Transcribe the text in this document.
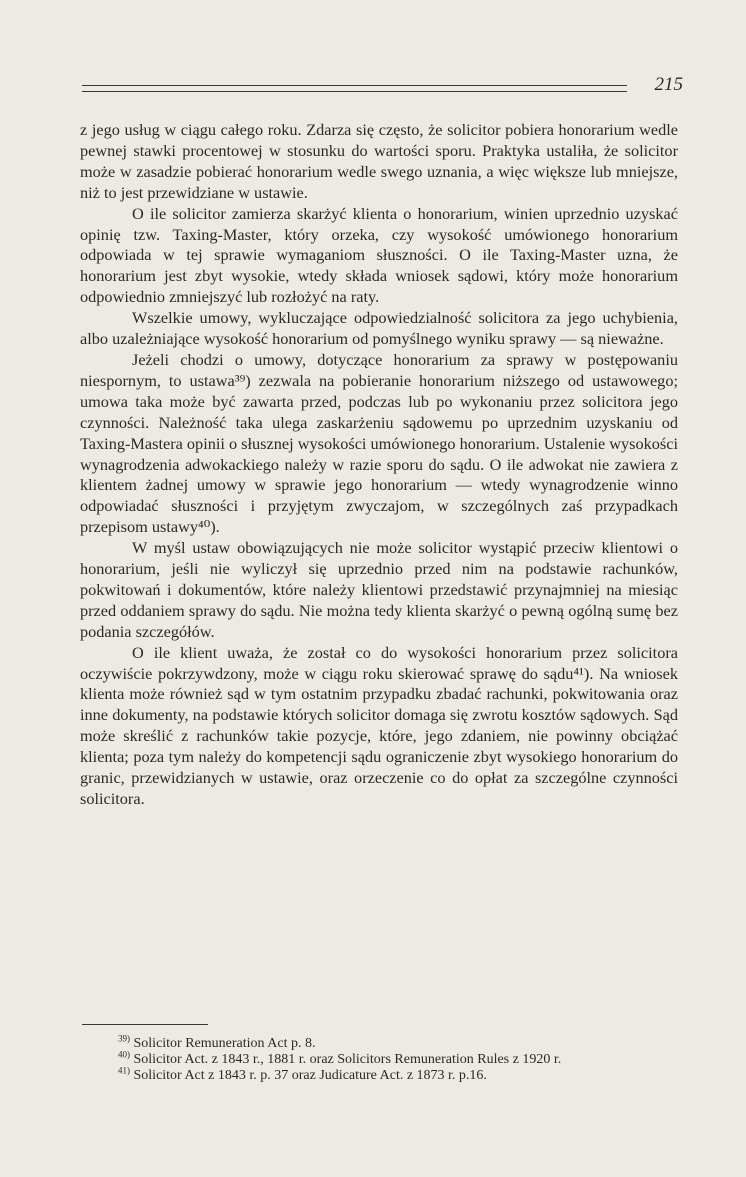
215

z jego usług w ciągu całego roku. Zdarza się często, że solicitor pobiera honorarium wedle pewnej stawki procentowej w stosunku do wartości sporu. Praktyka ustaliła, że solicitor może w zasadzie pobierać honorarium wedle swego uznania, a więc większe lub mniejsze, niż to jest przewidziane w ustawie.

O ile solicitor zamierza skarżyć klienta o honorarium, winien uprzednio uzyskać opinię tzw. Taxing-Master, który orzeka, czy wysokość umówionego honorarium odpowiada w tej sprawie wymaganiom słuszności. O ile Taxing-Master uzna, że honorarium jest zbyt wysokie, wtedy składa wniosek sądowi, który może honorarium odpowiednio zmniejszyć lub rozłożyć na raty.

Wszelkie umowy, wykluczające odpowiedzialność solicitora za jego uchybienia, albo uzależniające wysokość honorarium od pomyślnego wyniku sprawy — są nieważne.

Jeżeli chodzi o umowy, dotyczące honorarium za sprawy w postępowaniu niespornym, to ustawa³⁹) zezwala na pobieranie honorarium niższego od ustawowego; umowa taka może być zawarta przed, podczas lub po wykonaniu przez solicitora jego czynności. Należność taka ulega zaskarżeniu sądowemu po uprzednim uzyskaniu od Taxing-Mastera opinii o słusznej wysokości umówionego honorarium. Ustalenie wysokości wynagrodzenia adwokackiego należy w razie sporu do sądu. O ile adwokat nie zawiera z klientem żadnej umowy w sprawie jego honorarium — wtedy wynagrodzenie winno odpowiadać słuszności i przyjętym zwyczajom, w szczególnych zaś przypadkach przepisom ustawy⁴⁰).

W myśl ustaw obowiązujących nie może solicitor wystąpić przeciw klientowi o honorarium, jeśli nie wyliczył się uprzednio przed nim na podstawie rachunków, pokwitowań i dokumentów, które należy klientowi przedstawić przynajmniej na miesiąc przed oddaniem sprawy do sądu. Nie można tedy klienta skarżyć o pewną ogólną sumę bez podania szczegółów.

O ile klient uważa, że został co do wysokości honorarium przez solicitora oczywiście pokrzywdzony, może w ciągu roku skierować sprawę do sądu⁴¹). Na wniosek klienta może również sąd w tym ostatnim przypadku zbadać rachunki, pokwitowania oraz inne dokumenty, na podstawie których solicitor domaga się zwrotu kosztów sądowych. Sąd może skreślić z rachunków takie pozycje, które, jego zdaniem, nie powinny obciążać klienta; poza tym należy do kompetencji sądu ograniczenie zbyt wysokiego honorarium do granic, przewidzianych w ustawie, oraz orzeczenie co do opłat za szczególne czynności solicitora.

$^{39)}$ Solicitor Remuneration Act p. 8.

$^{40)}$ Solicitor Act. z 1843 r., 1881 r. oraz Solicitors Remuneration Rules z 1920 r.

$^{41)}$ Solicitor Act z 1843 r. p. 37 oraz Judicature Act. z 1873 r. p.16.
